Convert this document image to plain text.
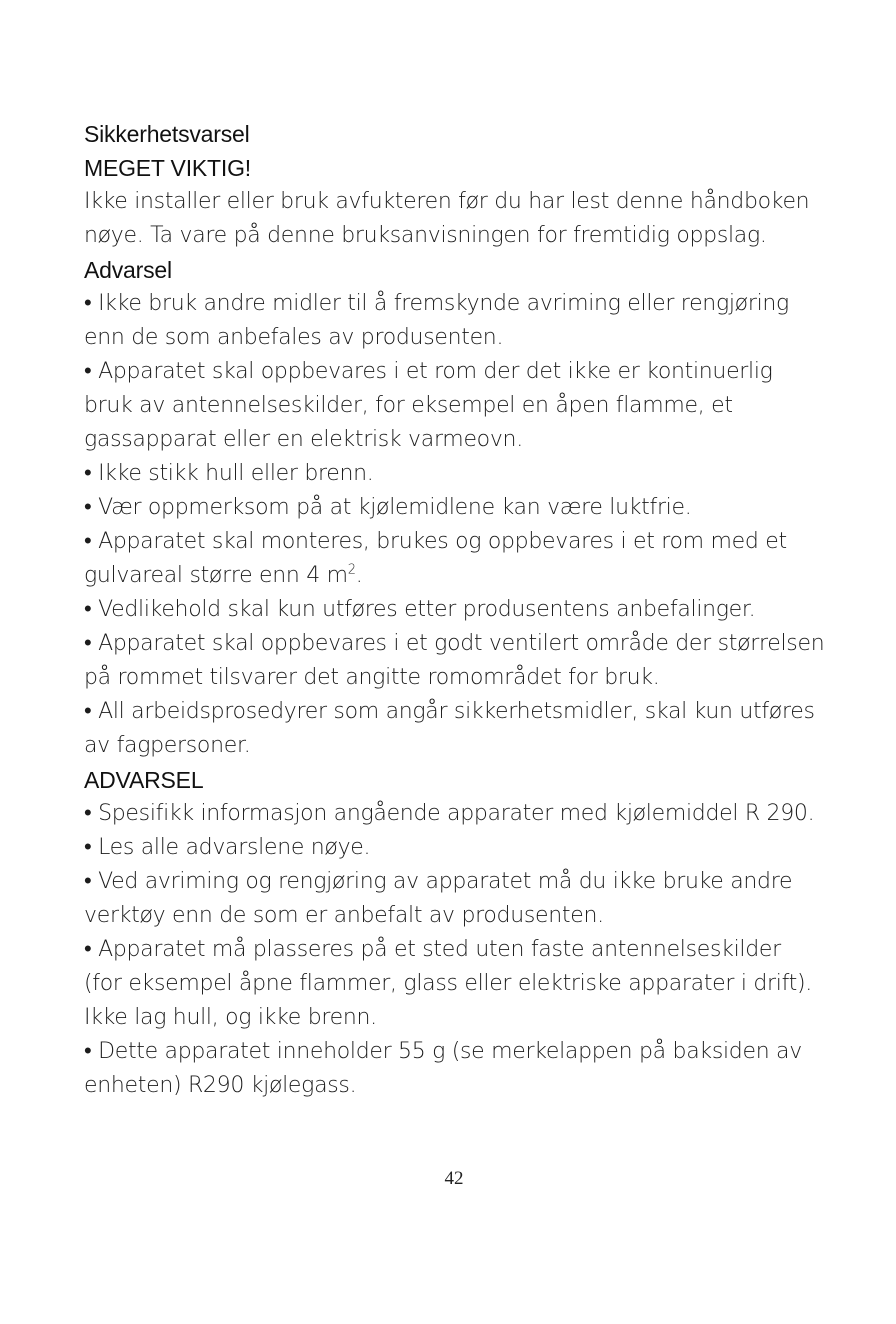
Sikkerhetsvarsel
MEGET VIKTIG!
Ikke installer eller bruk avfukteren før du har lest denne håndboken
nøye. Ta vare på denne bruksanvisningen for fremtidig oppslag.
Advarsel
• Ikke bruk andre midler til å fremskynde avriming eller rengjøring
enn de som anbefales av produsenten.
• Apparatet skal oppbevares i et rom der det ikke er kontinuerlig
bruk av antennelseskilder, for eksempel en åpen flamme, et
gassapparat eller en elektrisk varmeovn.
• Ikke stikk hull eller brenn.
• Vær oppmerksom på at kjølemidlene kan være luktfrie.
• Apparatet skal monteres, brukes og oppbevares i et rom med et
gulvareal større enn 4 $m^2$.
• Vedlikehold skal kun utføres etter produsentens anbefalinger.
• Apparatet skal oppbevares i et godt ventilert område der størrelsen
på rommet tilsvarer det angitte romområdet for bruk.
• All arbeidsprosedyrer som angår sikkerhetsmidler, skal kun utføres
av fagpersoner.
ADVARSEL
• Spesifikk informasjon angående apparater med kjølemiddel R 290.
• Les alle advarslene nøye.
• Ved avriming og rengjøring av apparatet må du ikke bruke andre
verktøy enn de som er anbefalt av produsenten.
• Apparatet må plasseres på et sted uten faste antennelseskilder
(for eksempel åpne flammer, glass eller elektriske apparater i drift).
Ikke lag hull, og ikke brenn.
• Dette apparatet inneholder 55 g (se merkelappen på baksiden av
enheten) R290 kjølegass.
42
